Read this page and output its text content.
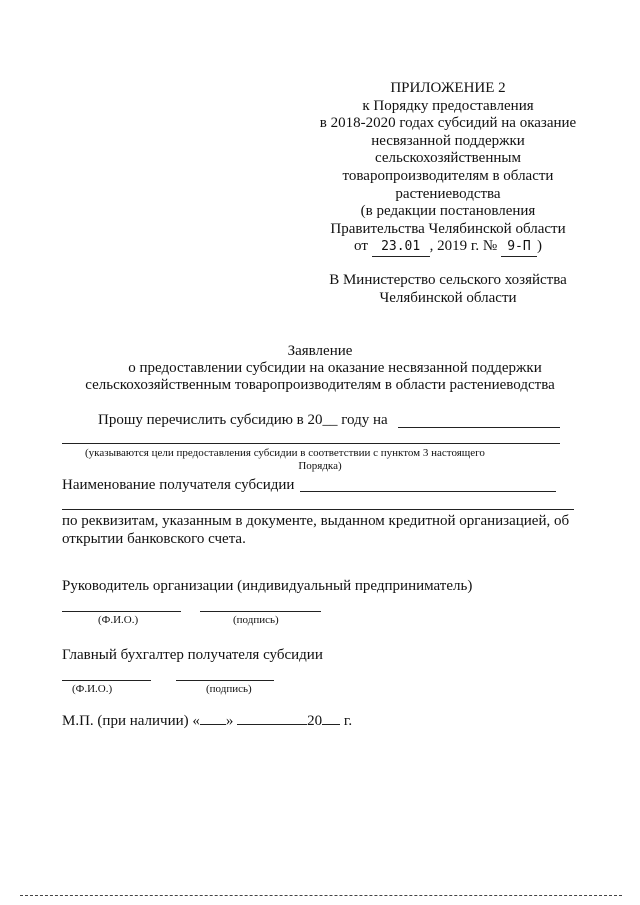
ПРИЛОЖЕНИЕ 2
к Порядку предоставления
в 2018-2020 годах субсидий на оказание
несвязанной поддержки
сельскохозяйственным
товаропроизводителям в области
растениеводства
(в редакции постановления
Правительства Челябинской области
от 23.01 , 2019 г. № 9-П )
В Министерство сельского хозяйства
Челябинской области
Заявление
о предоставлении субсидии на оказание несвязанной поддержки
сельскохозяйственным товаропроизводителям в области растениеводства
Прошу перечислить субсидию в 20__ году на
(указываются цели предоставления субсидии в соответствии с пунктом 3 настоящего
Порядка)
Наименование получателя субсидии
по реквизитам, указанным в документе, выданном кредитной организацией, об
открытии банковского счета.
Руководитель организации (индивидуальный предприниматель)
(Ф.И.О.)	(подпись)
Главный бухгалтер получателя субсидии
(Ф.И.О.)	(подпись)
М.П. (при наличии) « »	20 г.
